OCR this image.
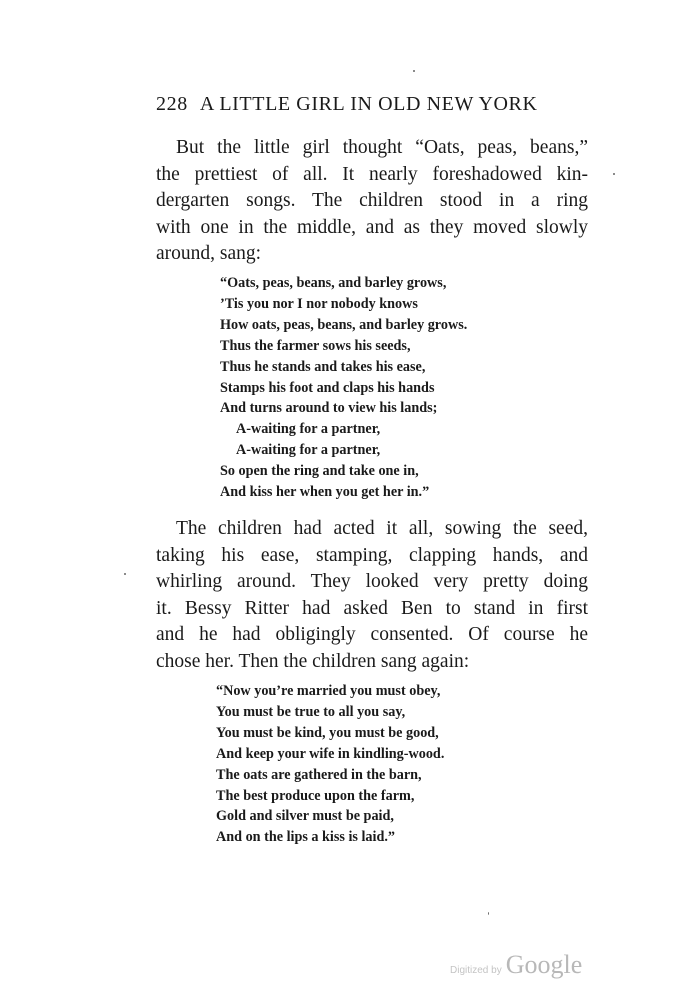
228 A LITTLE GIRL IN OLD NEW YORK
But the little girl thought “Oats, peas, beans,”
the prettiest of all. It nearly foreshadowed kin-
dergarten songs. The children stood in a ring
with one in the middle, and as they moved slowly
around, sang:
“Oats, peas, beans, and barley grows,
’Tis you nor I nor nobody knows
How oats, peas, beans, and barley grows.
Thus the farmer sows his seeds,
Thus he stands and takes his ease,
Stamps his foot and claps his hands
And turns around to view his lands;
A-waiting for a partner,
A-waiting for a partner,
So open the ring and take one in,
And kiss her when you get her in.”
The children had acted it all, sowing the seed,
taking his ease, stamping, clapping hands, and
whirling around. They looked very pretty doing
it. Bessy Ritter had asked Ben to stand in first
and he had obligingly consented. Of course he
chose her. Then the children sang again:
“Now you’re married you must obey,
You must be true to all you say,
You must be kind, you must be good,
And keep your wife in kindling-wood.
The oats are gathered in the barn,
The best produce upon the farm,
Gold and silver must be paid,
And on the lips a kiss is laid.”
Digitized by Google
